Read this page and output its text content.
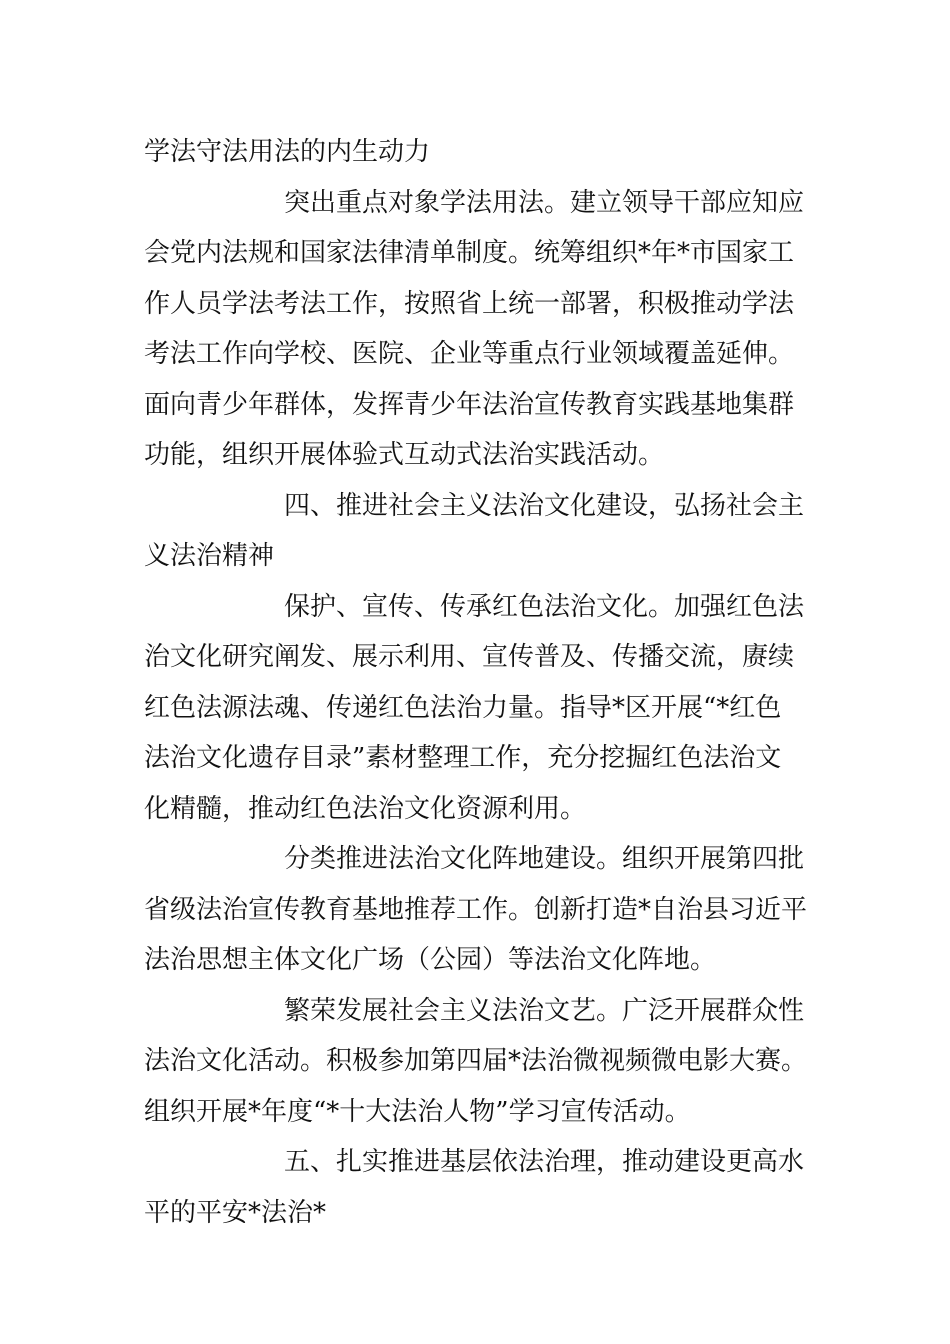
学法守法用法的内生动力

突出重点对象学法用法。建立领导干部应知应
会党内法规和国家法律清单制度。统筹组织*年*市国家工
作人员学法考法工作，按照省上统一部署，积极推动学法
考法工作向学校、医院、企业等重点行业领域覆盖延伸。
面向青少年群体，发挥青少年法治宣传教育实践基地集群
功能，组织开展体验式互动式法治实践活动。

四、推进社会主义法治文化建设，弘扬社会主
义法治精神

保护、宣传、传承红色法治文化。加强红色法
治文化研究阐发、展示利用、宣传普及、传播交流，赓续
红色法源法魂、传递红色法治力量。指导*区开展“*红色
法治文化遗存目录”素材整理工作，充分挖掘红色法治文
化精髓，推动红色法治文化资源利用。

分类推进法治文化阵地建设。组织开展第四批
省级法治宣传教育基地推荐工作。创新打造*自治县习近平
法治思想主体文化广场（公园）等法治文化阵地。

繁荣发展社会主义法治文艺。广泛开展群众性
法治文化活动。积极参加第四届*法治微视频微电影大赛。
组织开展*年度“*十大法治人物”学习宣传活动。

五、扎实推进基层依法治理，推动建设更高水
平的平安*法治*
